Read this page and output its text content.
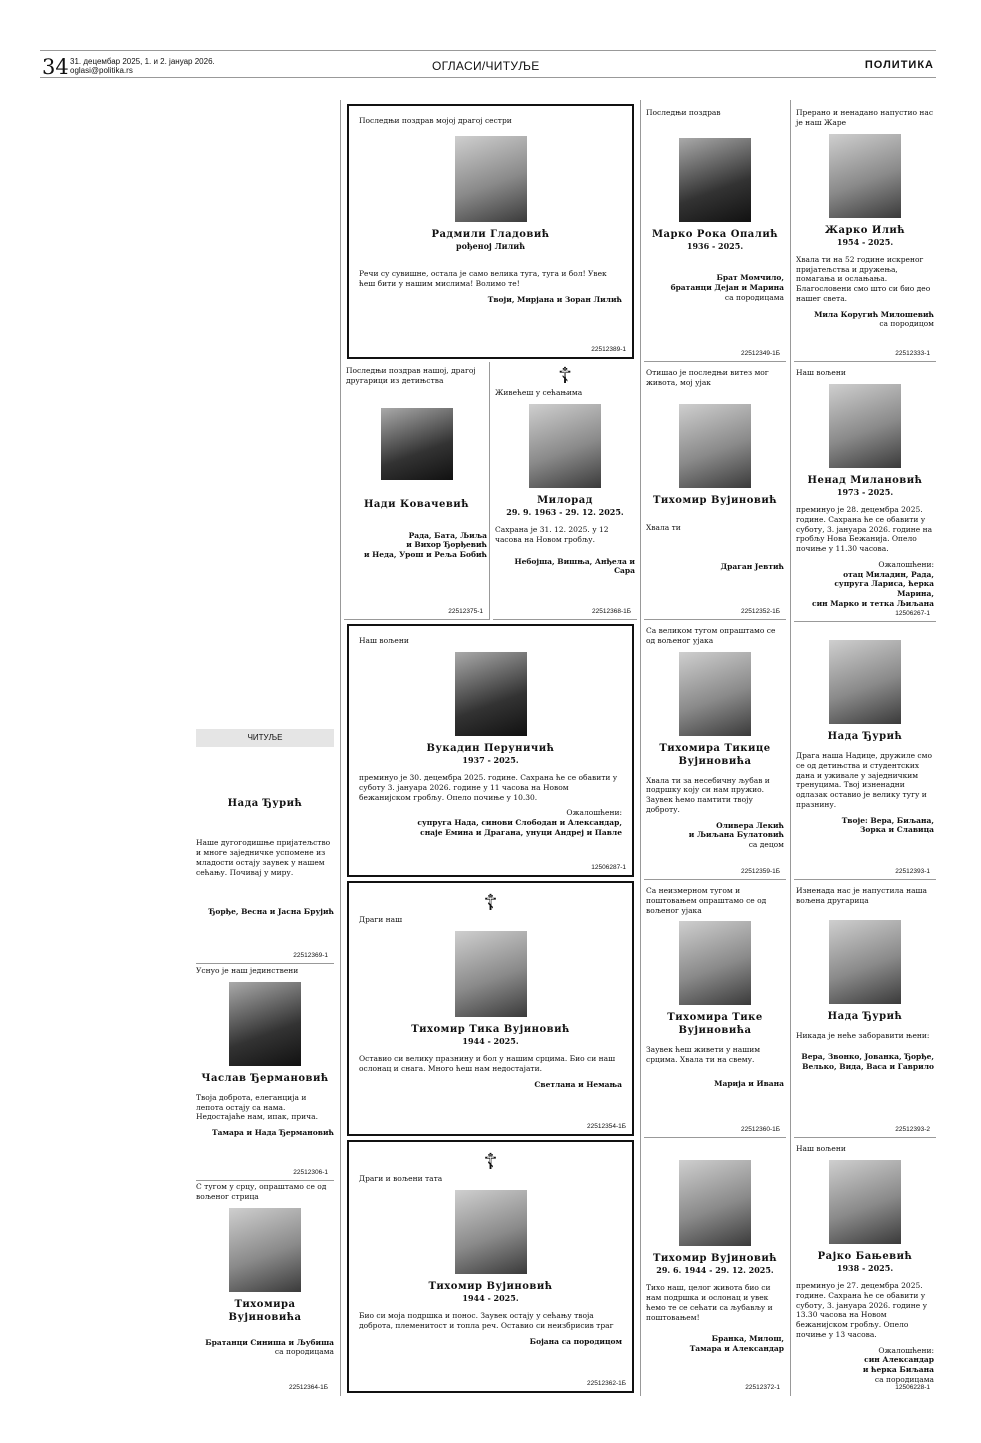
34 31. децембар 2025, 1. и 2. јануар 2026.
oglasi@politika.rs	ОГЛАСИ/ЧИТУЉЕ	ПОЛИТИКА
ЧИТУЉЕ
Нада Ђурић
Наше дугогодишње пријатељство и многе заједничке успомене из младости остају заувек у нашем сећању. Почивај у миру.
Ђорђе, Весна и Јасна Брујић
22512369-1
Уснуо је наш јединствени
Часлав Ђермановић
Твоја доброта, елеганција и лепота остају са нама. Недостајаће нам, ипак, прича.
Тамара и Нада Ђермановић
22512306-1
С тугом у срцу, опраштамо се од вољеног стрица
Тихомира Вујиновића
Братанци Синиша и Љубиша
са породицама
22512364-1Б
Последњи поздрав мојој драгој сестри
Радмили Гладовић
рођеној Лилић
Речи су сувишне, остала је само велика туга, туга и бол! Увек ћеш бити у нашим мислима! Волимо те!
Твоји, Мирјана и Зоран Лилић
22512389-1
Последњи поздрав нашој, драгој другарици из детињства
Нади Ковачевић
Рада, Бата, Љиља
и Вихор Ђорђевић
и Неда, Урош и Реља Бобић
22512375-1
☦
Живећеш у сећањима
Милорад
29. 9. 1963 - 29. 12. 2025.
Сахрана је 31. 12. 2025. у 12 часова на Новом гробљу.
Небојша, Вишња, Анђела и Сара
22512368-1Б
Наш вољени
Вукадин Перуничић
1937 - 2025.
преминуо је 30. децембра 2025. године. Сахрана ће се обавити у суботу 3. јануара 2026. године у 11 часова на Новом бежанијском гробљу. Опело почиње у 10.30.
Ожалошћени:
супруга Нада, синови Слободан и Александар,
снаје Емина и Драгана, унуци Андреј и Павле
12506287-1
☦
Драги наш
Тихомир Тика Вујиновић
1944 - 2025.
Оставио си велику празнину и бол у нашим срцима. Био си наш ослонац и снага. Много ћеш нам недостајати.
Светлана и Немања
22512354-1Б
☦
Драги и вољени тата
Тихомир Вујиновић
1944 - 2025.
Био си моја подршка и понос. Заувек остају у сећању твоја доброта, племенитост и топла реч. Оставио си неизбрисив траг
Бојана са породицом
22512362-1Б
Последњи поздрав
Марко Рока Опалић
1936 - 2025.
Брат Момчило,
братанци Дејан и Марина
са породицама
22512349-1Б
Отишао је последњи витез мог живота, мој ујак
Тихомир Вујиновић
Хвала ти
Драган Јевтић
22512352-1Б
Са великом тугом опраштамо се од вољеног ујака
Тихомира Тикице Вујиновића
Хвала ти за несебичну љубав и подршку коју си нам пружио. Заувек ћемо памтити твоју доброту.
Оливера Лекић
и Љиљана Булатовић
са децом
22512359-1Б
Са неизмерном тугом и поштовањем опраштамо се од вољеног ујака
Тихомира Тике Вујиновића
Заувек ћеш живети у нашим срцима. Хвала ти на свему.
Марија и Ивана
22512360-1Б
Тихомир Вујиновић
29. 6. 1944 - 29. 12. 2025.
Тихо наш, целог живота био си нам подршка и ослонац и увек ћемо те се сећати са љубављу и поштовањем!
Бранка, Милош,
Тамара и Александар
22512372-1
Прерано и ненадано напустио нас је наш Жаре
Жарко Илић
1954 - 2025.
Хвала ти на 52 године искреног пријатељства и дружења, помагања и ослањања. Благословени смо што си био део нашег света.
Мила Коругић Милошевић
са породицом
22512333-1
Наш вољени
Ненад Милановић
1973 - 2025.
преминуо је 28. децембра 2025. године. Сахрана ће се обавити у суботу, 3. јануара 2026. године на гробљу Нова Бежанија. Опело почиње у 11.30 часова.
Ожалошћени:
отац Миладин, Рада,
супруга Лариса, ћерка Марина,
син Марко и тетка Љиљана
12506267-1
Нада Ђурић
Драга наша Надице, дружиле смо се од детињства и студентских дана и уживале у заједничким тренуцима. Твој изненадни одлазак оставио је велику тугу и празнину.
Твоје: Вера, Биљана,
Зорка и Славица
22512393-1
Изненада нас је напустила наша вољена другарица
Нада Ђурић
Никада је неће заборавити њени:
Вера, Звонко, Јованка, Ђорђе,
Велько, Вида, Васа и Гаврило
22512393-2
Наш вољени
Рајко Бањевић
1938 - 2025.
преминуо је 27. децембра 2025. године. Сахрана ће се обавити у суботу, 3. јануара 2026. године у 13.30 часова на Новом бежанијском гробљу. Опело почиње у 13 часова.
Ожалошћени:
син Александар
и ћерка Биљана
са породицама
12506228-1
